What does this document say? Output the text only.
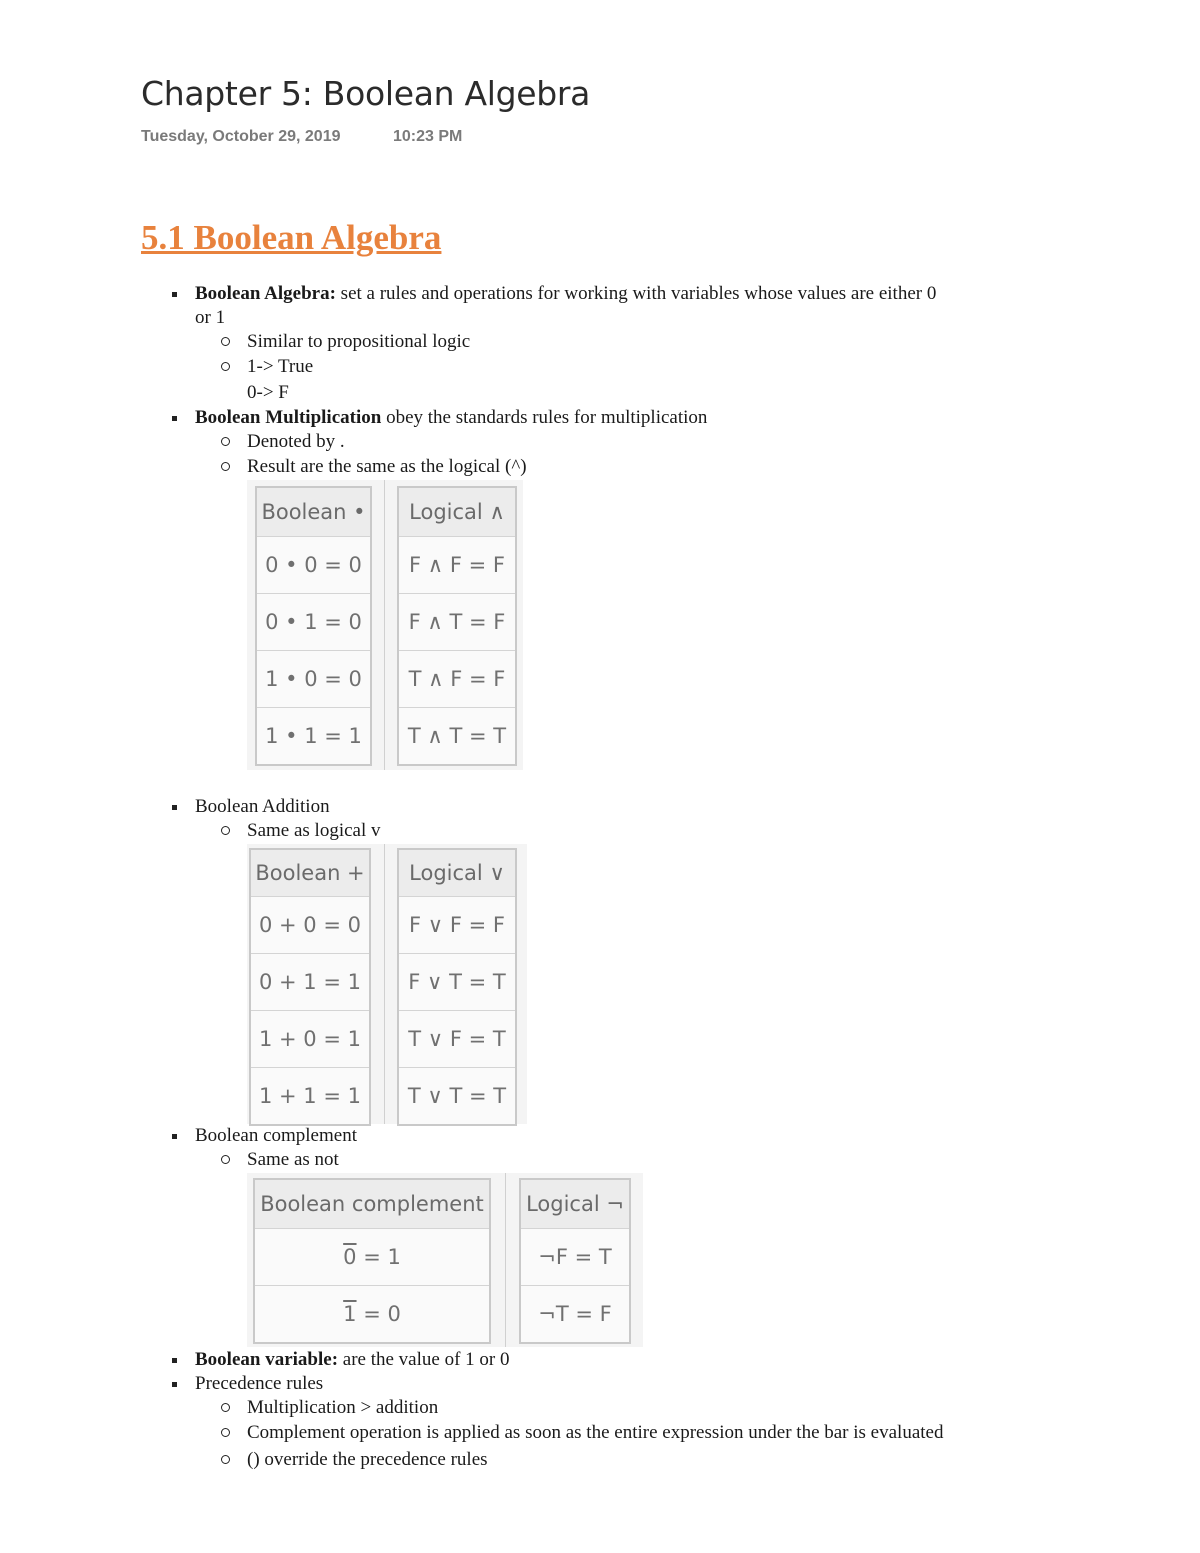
Chapter 5: Boolean Algebra
Tuesday, October 29, 2019	10:23 PM
5.1 Boolean Algebra
Boolean Algebra: set a rules and operations for working with variables whose values are either 0
or 1
Similar to propositional logic
1-> True
0-> F
Boolean Multiplication obey the standards rules for multiplication
Denoted by .
Result are the same as the logical (^)
Boolean •
0 • 0 = 0
0 • 1 = 0
1 • 0 = 0
1 • 1 = 1
Logical ∧
F ∧ F = F
F ∧ T = F
T ∧ F = F
T ∧ T = T
Boolean Addition
Same as logical v
Boolean +
0 + 0 = 0
0 + 1 = 1
1 + 0 = 1
1 + 1 = 1
Logical ∨
F ∨ F = F
F ∨ T = T
T ∨ F = T
T ∨ T = T
Boolean complement
Same as not
Boolean complement
0 = 1
1 = 0
Logical ¬
¬F = T
¬T = F
Boolean variable: are the value of 1 or 0
Precedence rules
Multiplication > addition
Complement operation is applied as soon as the entire expression under the bar is evaluated
() override the precedence rules
